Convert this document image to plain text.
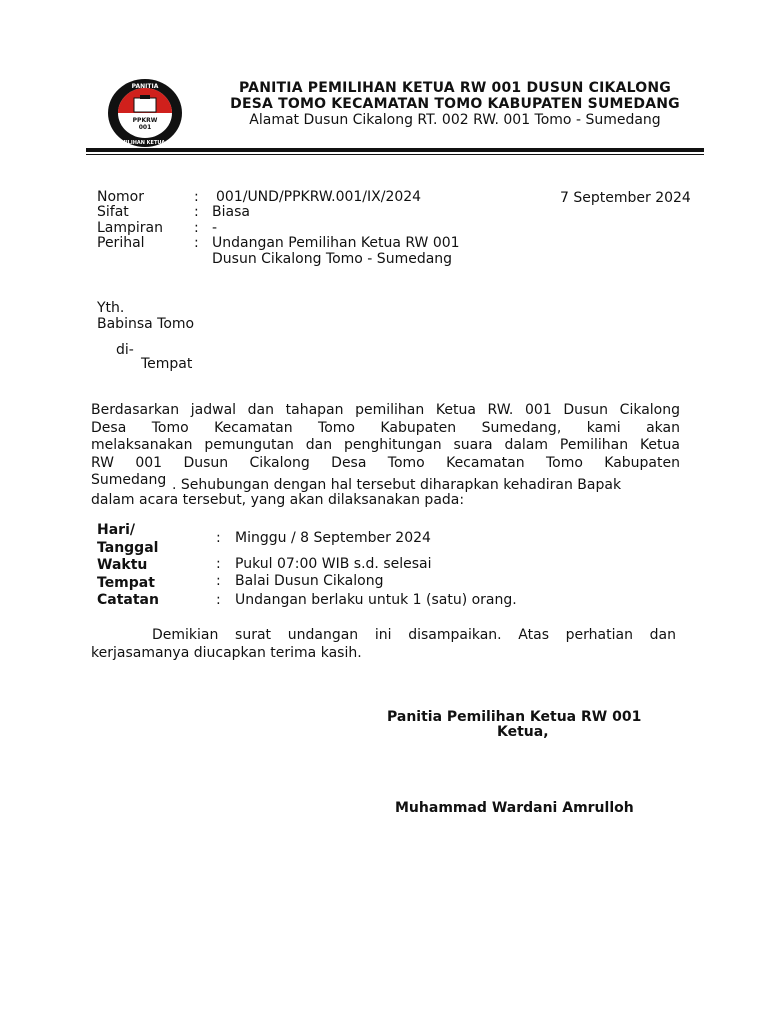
PANITIA
PPKRW
001
PEMILIHAN KETUA RW
PANITIA PEMILIHAN KETUA RW 001 DUSUN CIKALONG
DESA TOMO KECAMATAN TOMO KABUPATEN SUMEDANG
Alamat Dusun Cikalong RT. 002 RW. 001 Tomo - Sumedang
Nomor	: 001/UND/PPKRW.001/IX/2024
Sifat	: Biasa
Lampiran : -
Perihal	: Undangan Pemilihan Ketua RW 001
Dusun Cikalong Tomo - Sumedang
7 September 2024
Yth.
Babinsa Tomo
di-
Tempat
Berdasarkan jadwal dan tahapan pemilihan Ketua RW. 001 Dusun Cikalong
Desa Tomo Kecamatan Tomo Kabupaten Sumedang, kami akan
melaksanakan pemungutan dan penghitungan suara dalam Pemilihan Ketua
RW 001 Dusun Cikalong Desa Tomo Kecamatan Tomo Kabupaten
Sumedang . Sehubungan dengan hal tersebut diharapkan kehadiran Bapak
dalam acara tersebut, yang akan dilaksanakan pada:
Hari/
Tanggal
: Minggu / 8 September 2024
Waktu	: Pukul 07:00 WIB s.d. selesai
Tempat	: Balai Dusun Cikalong
Catatan	: Undangan berlaku untuk 1 (satu) orang.
Demikian surat undangan ini disampaikan. Atas perhatian dan
kerjasamanya diucapkan terima kasih.
Panitia Pemilihan Ketua RW 001
Ketua,
Muhammad Wardani Amrulloh
